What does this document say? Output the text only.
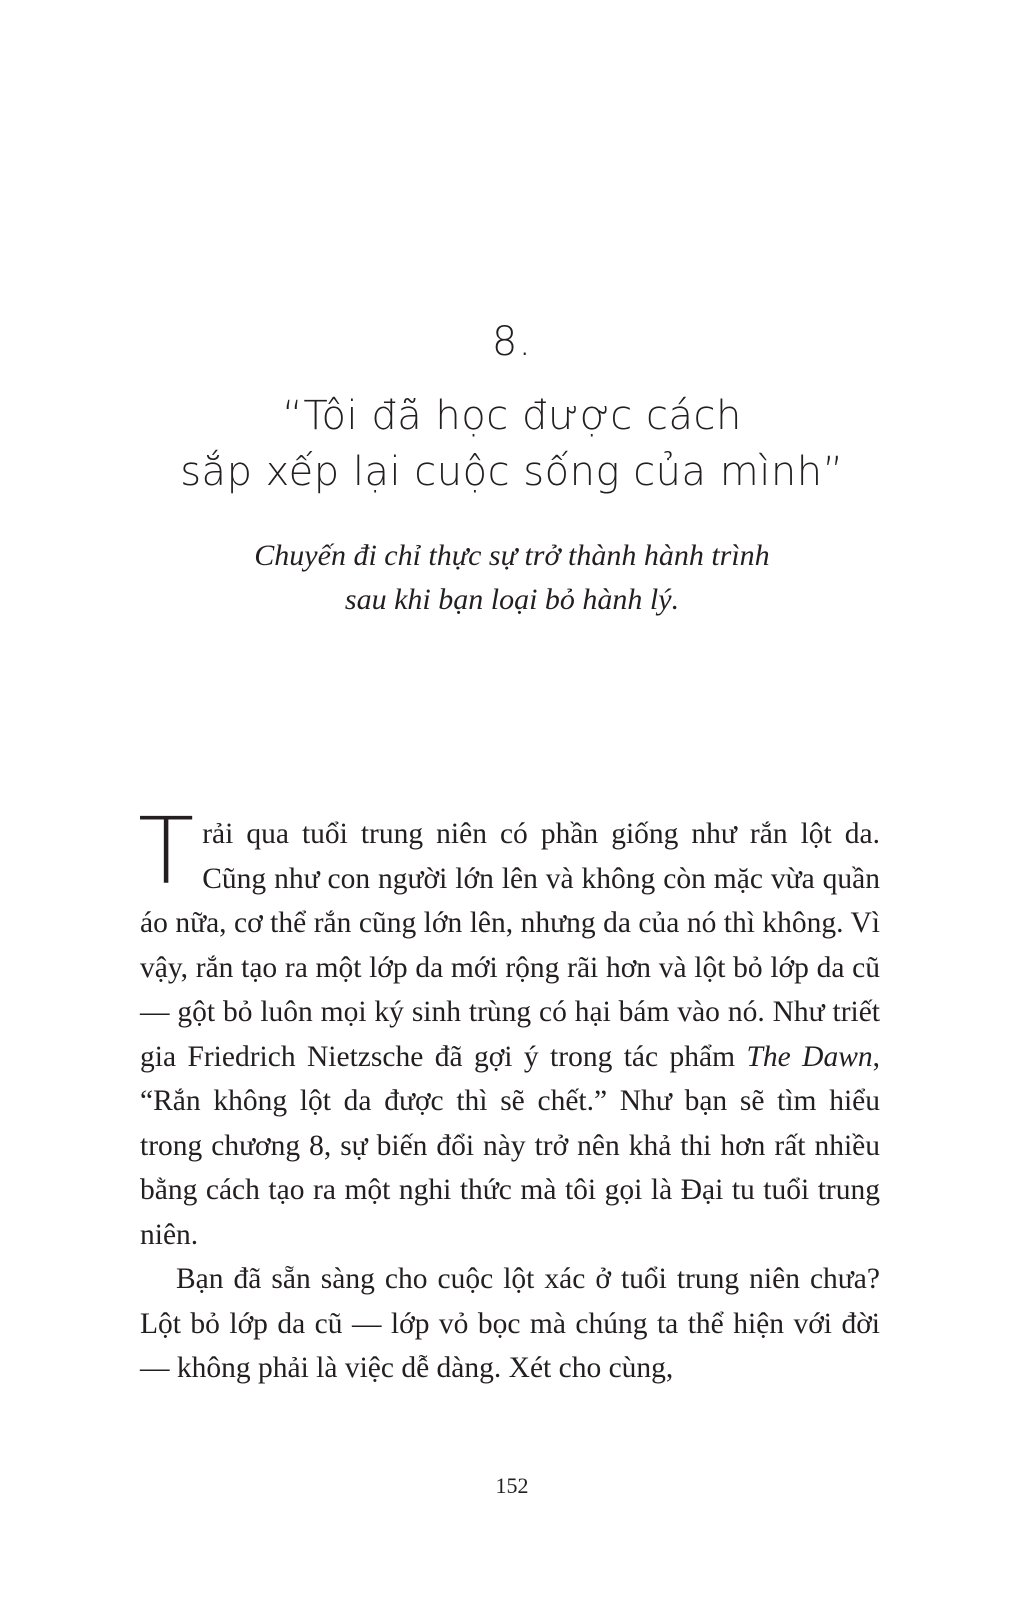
8.
“Tôi đã học được cách
sắp xếp lại cuộc sống của mình”
Chuyến đi chỉ thực sự trở thành hành trình
sau khi bạn loại bỏ hành lý.

Trải qua tuổi trung niên có phần giống như rắn lột da. Cũng như con người lớn lên và không còn mặc vừa quần áo nữa, cơ thể rắn cũng lớn lên, nhưng da của nó thì không. Vì vậy, rắn tạo ra một lớp da mới rộng rãi hơn và lột bỏ lớp da cũ — gột bỏ luôn mọi ký sinh trùng có hại bám vào nó. Như triết gia Friedrich Nietzsche đã gợi ý trong tác phẩm The Dawn, “Rắn không lột da được thì sẽ chết.” Như bạn sẽ tìm hiểu trong chương 8, sự biến đổi này trở nên khả thi hơn rất nhiều bằng cách tạo ra một nghi thức mà tôi gọi là Đại tu tuổi trung niên.

Bạn đã sẵn sàng cho cuộc lột xác ở tuổi trung niên chưa? Lột bỏ lớp da cũ — lớp vỏ bọc mà chúng ta thể hiện với đời — không phải là việc dễ dàng. Xét cho cùng,

152
